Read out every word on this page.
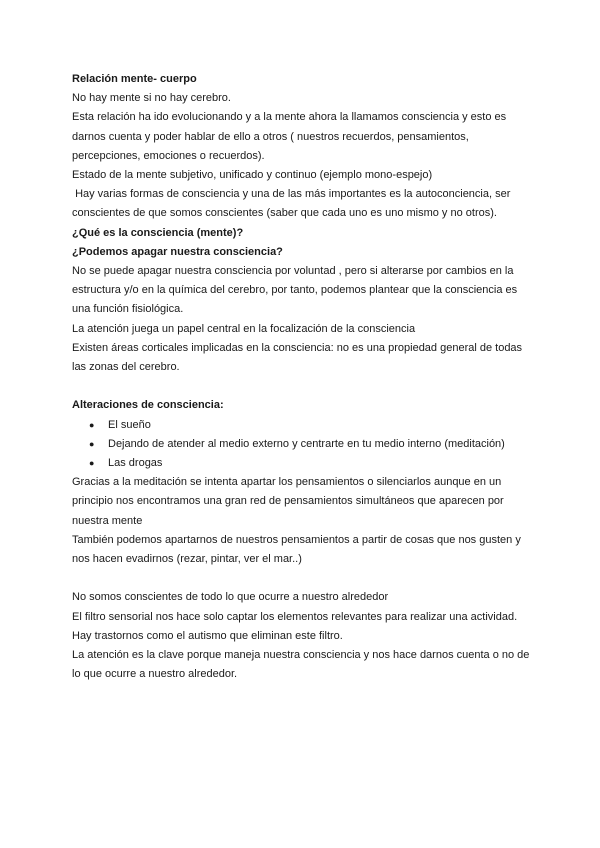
Relación mente- cuerpo

No hay mente si no hay cerebro.

Esta relación ha ido evolucionando y a la mente ahora la llamamos consciencia y esto es darnos cuenta y poder hablar de ello a otros ( nuestros recuerdos, pensamientos, percepciones, emociones o recuerdos).

Estado de la mente subjetivo, unificado y continuo (ejemplo mono-espejo)

Hay varias formas de consciencia y una de las más importantes es la autoconciencia, ser conscientes de que somos conscientes (saber que cada uno es uno mismo y no otros).

¿Qué es la consciencia (mente)?

¿Podemos apagar nuestra consciencia?

No se puede apagar nuestra consciencia por voluntad , pero si alterarse por cambios en la estructura y/o en la química del cerebro, por tanto, podemos plantear que la consciencia es una función fisiológica.

La atención juega un papel central en la focalización de la consciencia

Existen áreas corticales implicadas en la consciencia: no es una propiedad general de todas las zonas del cerebro.

Alteraciones de consciencia:

● El sueño
● Dejando de atender al medio externo y centrarte en tu medio interno (meditación)
● Las drogas

Gracias a la meditación se intenta apartar los pensamientos o silenciarlos aunque en un principio nos encontramos una gran red de pensamientos simultáneos que aparecen por nuestra mente

También podemos apartarnos de nuestros pensamientos a partir de cosas que nos gusten y nos hacen evadirnos (rezar, pintar, ver el mar..)

No somos conscientes de todo lo que ocurre a nuestro alrededor

El filtro sensorial nos hace solo captar los elementos relevantes para realizar una actividad.

Hay trastornos como el autismo que eliminan este filtro.

La atención es la clave porque maneja nuestra consciencia y nos hace darnos cuenta o no de lo que ocurre a nuestro alrededor.
